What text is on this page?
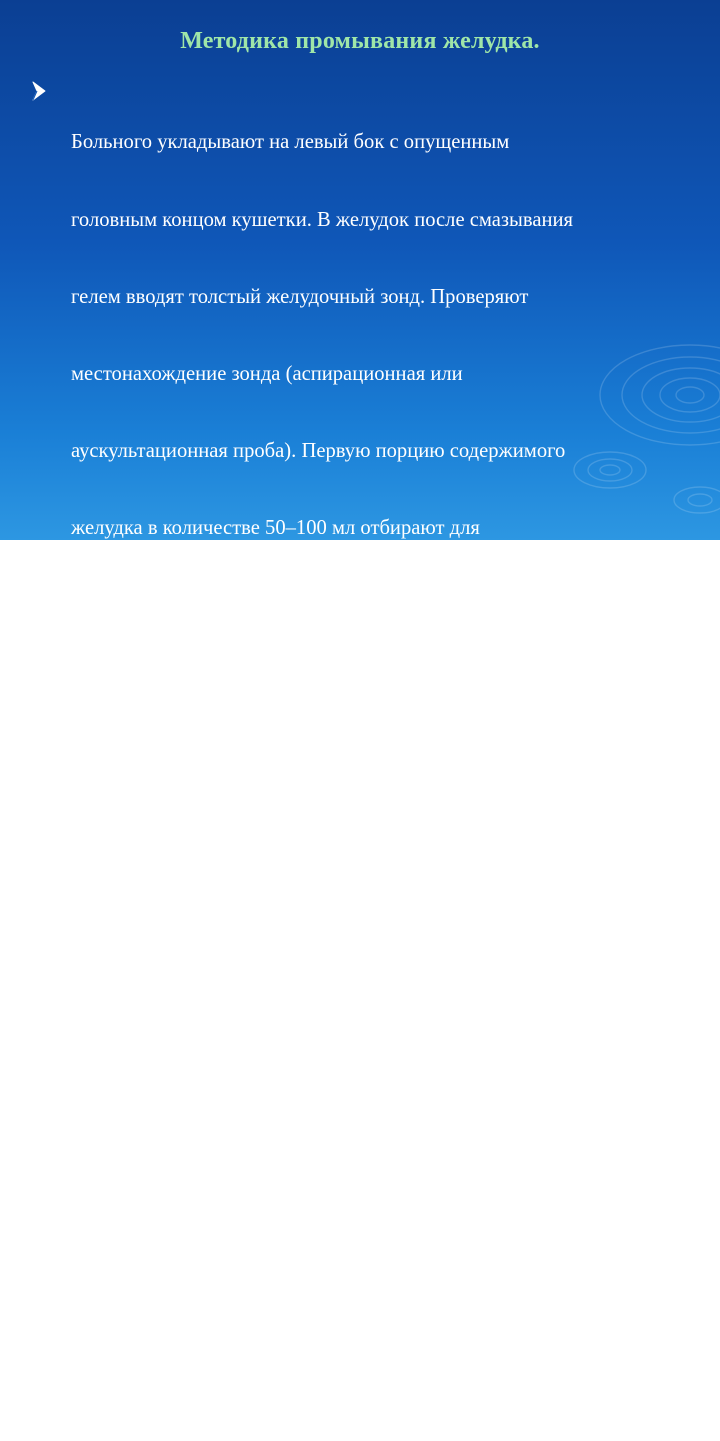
Методика промывания желудка.

Больного укладывают на левый бок с опущенным

головным концом кушетки. В желудок после смазывания

гелем вводят толстый желудочный зонд. Проверяют

местонахождение зонда (аспирационная или

аускультационная проба). Первую порцию содержимого

желудка в количестве 50–100 мл отбирают для

токсикологического исследования. Затем через воронку,

соединенную с зондом, в желудок заливают жидкость для

промывания (обычную воду комнатной температуры или

изо-тонический раствор натрия хлорида) в количестве 5–

7 мл/кг массы тела больного однократно. После введе-ния

открытый конец зонда помещают ниже уровня желудка,

следя за вытеканием жидкости. Общее количество

жидкости для промывания — 10–15% массы тела больного.

Необходимо учитывать баланс между количеством

введенной и выведенной жидкости, который не должен

превышать 1% массы тела больного.
